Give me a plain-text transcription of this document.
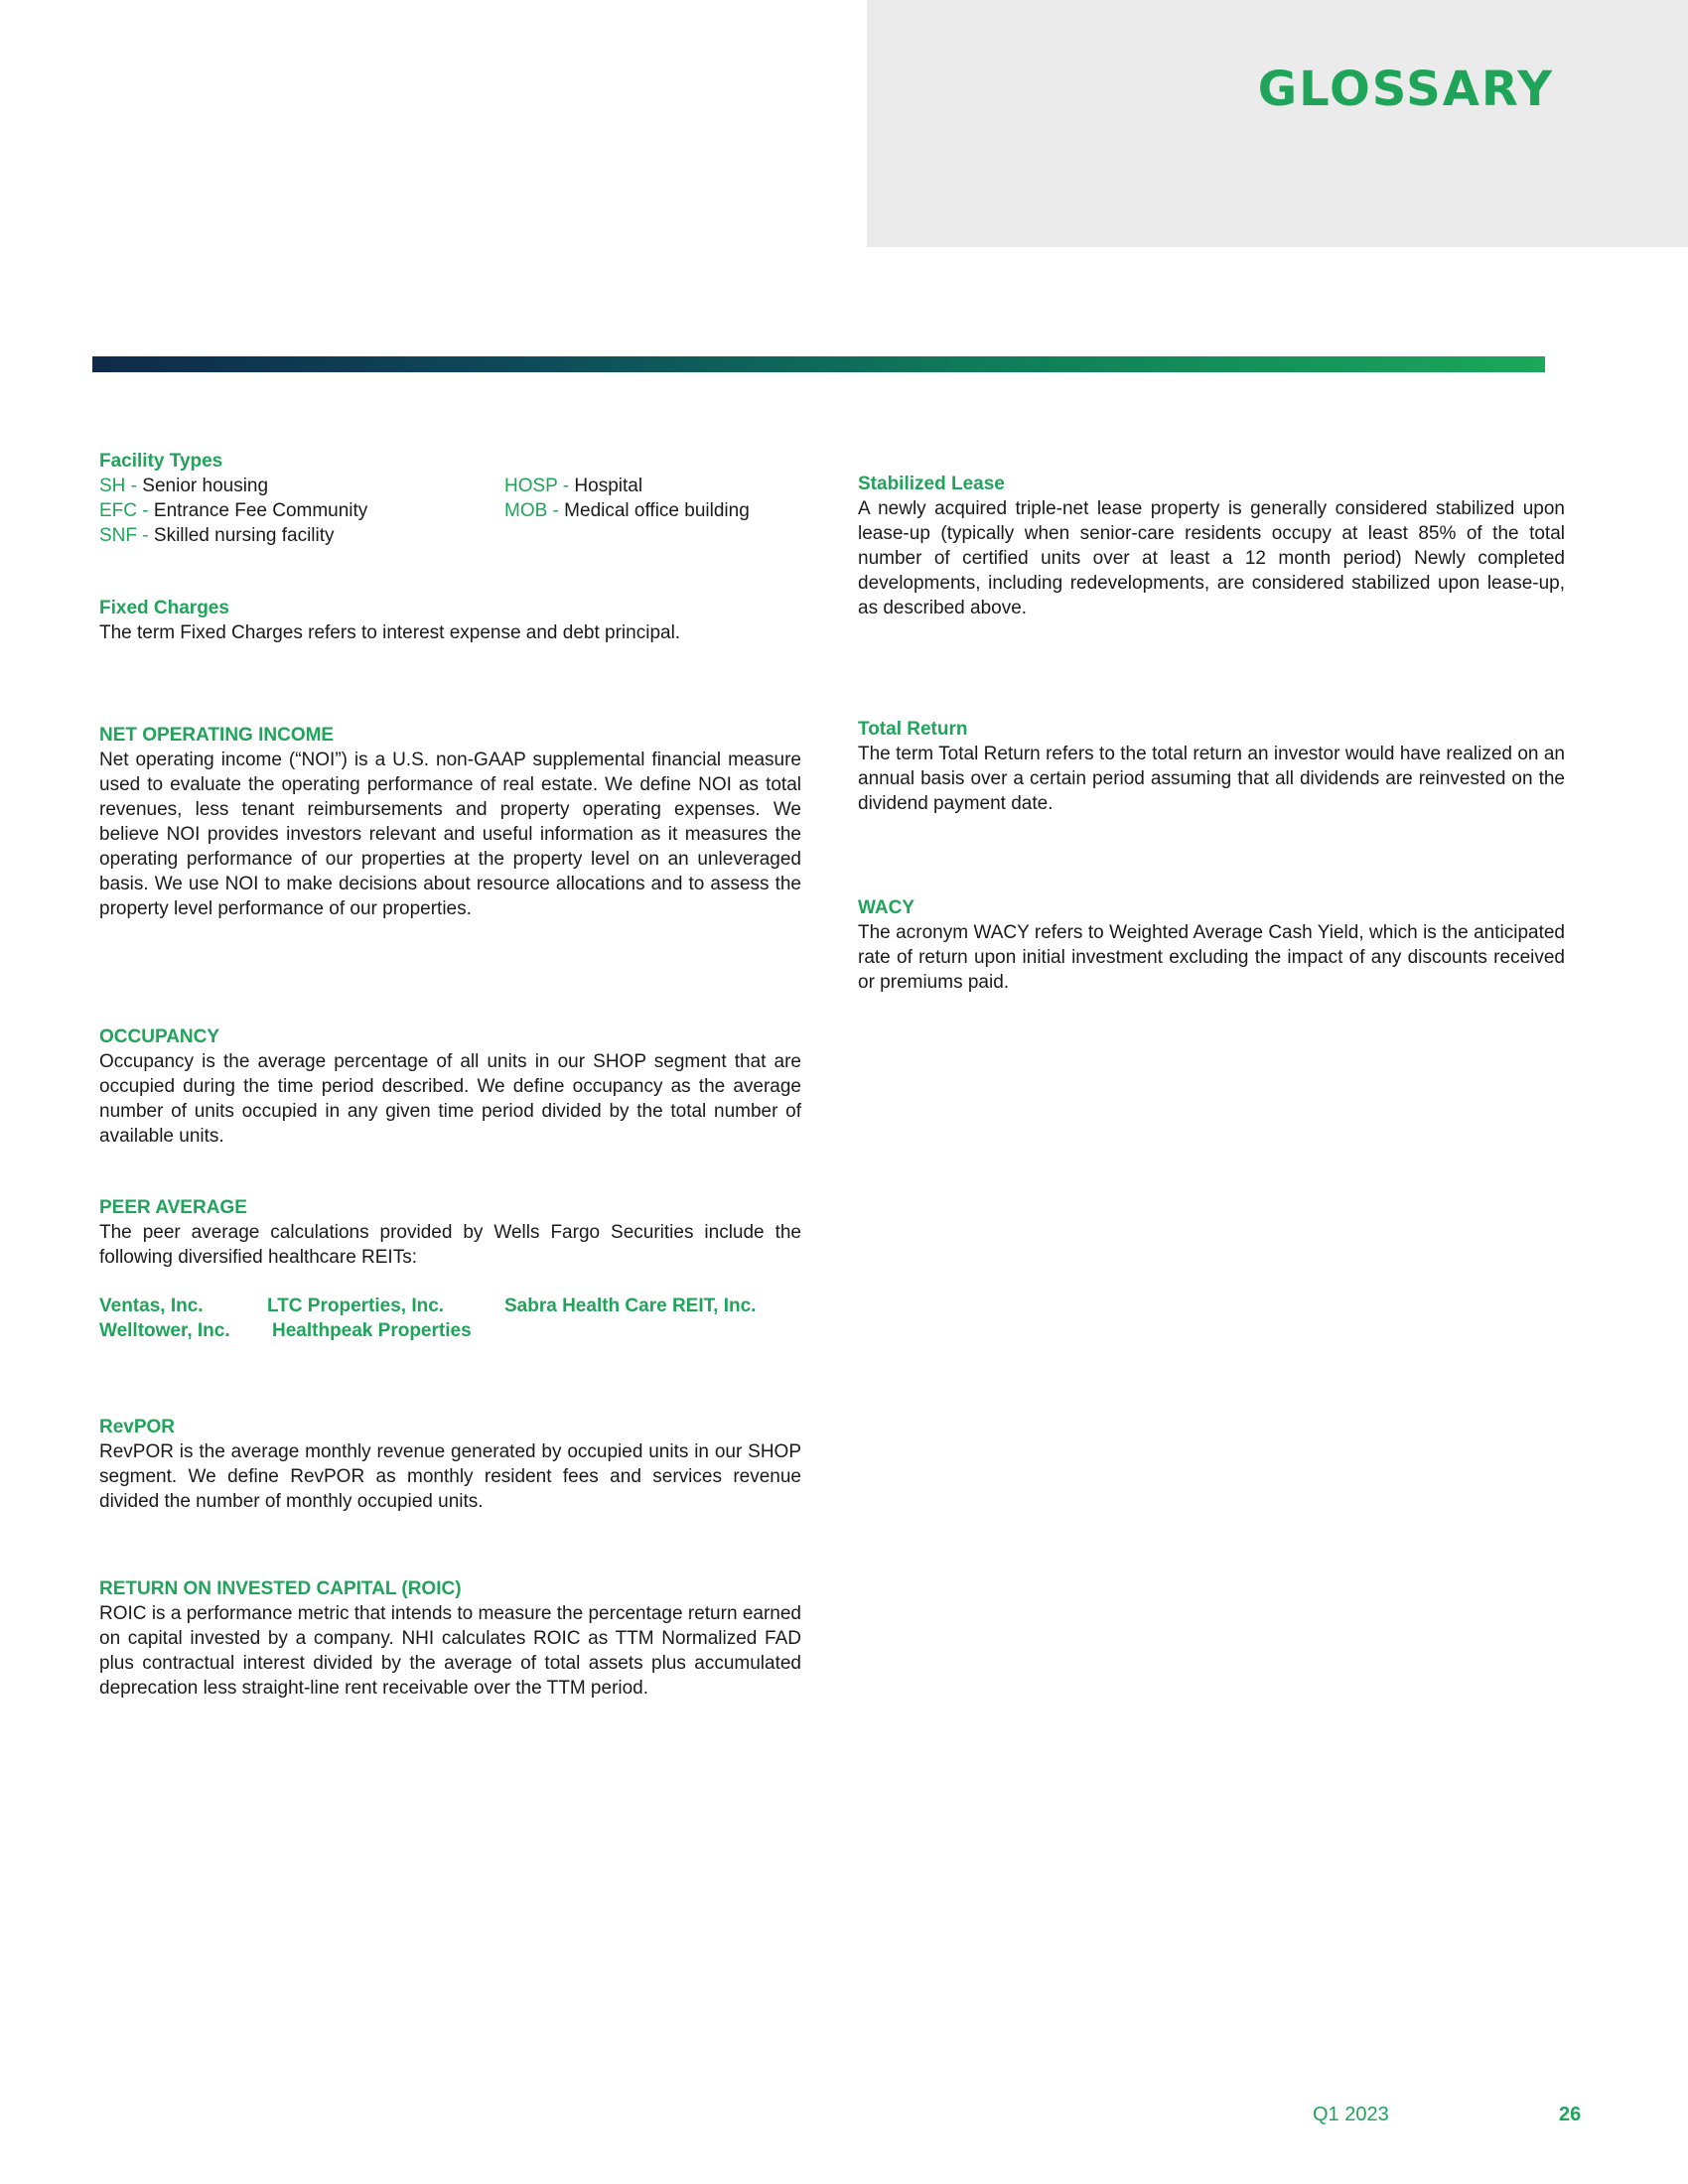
GLOSSARY
Facility Types
SH - Senior housing
EFC - Entrance Fee Community
SNF - Skilled nursing facility
HOSP - Hospital
MOB - Medical office building
Fixed Charges
The term Fixed Charges refers to interest expense and debt principal.
NET OPERATING INCOME
Net operating income (“NOI”) is a U.S. non-GAAP supplemental financial measure used to evaluate the operating performance of real estate. We define NOI as total revenues, less tenant reimbursements and property operating expenses. We believe NOI provides investors relevant and useful information as it measures the operating performance of our properties at the property level on an unleveraged basis. We use NOI to make decisions about resource allocations and to assess the property level performance of our properties.
OCCUPANCY
Occupancy is the average percentage of all units in our SHOP segment that are occupied during the time period described. We define occupancy as the average number of units occupied in any given time period divided by the total number of available units.
PEER AVERAGE
The peer average calculations provided by Wells Fargo Securities include the following diversified healthcare REITs:
Ventas, Inc.	LTC Properties, Inc.	Sabra Health Care REIT, Inc.
Welltower, Inc. Healthpeak Properties
RevPOR
RevPOR is the average monthly revenue generated by occupied units in our SHOP segment. We define RevPOR as monthly resident fees and services revenue divided the number of monthly occupied units.
RETURN ON INVESTED CAPITAL (ROIC)
ROIC is a performance metric that intends to measure the percentage return earned on capital invested by a company. NHI calculates ROIC as TTM Normalized FAD plus contractual interest divided by the average of total assets plus accumulated deprecation less straight-line rent receivable over the TTM period.
Stabilized Lease
A newly acquired triple-net lease property is generally considered stabilized upon lease-up (typically when senior-care residents occupy at least 85% of the total number of certified units over at least a 12 month period) Newly completed developments, including redevelopments, are considered stabilized upon lease-up, as described above.
Total Return
The term Total Return refers to the total return an investor would have realized on an annual basis over a certain period assuming that all dividends are reinvested on the dividend payment date.
WACY
The acronym WACY refers to Weighted Average Cash Yield, which is the anticipated rate of return upon initial investment excluding the impact of any discounts received or premiums paid.
Q1 2023	26
